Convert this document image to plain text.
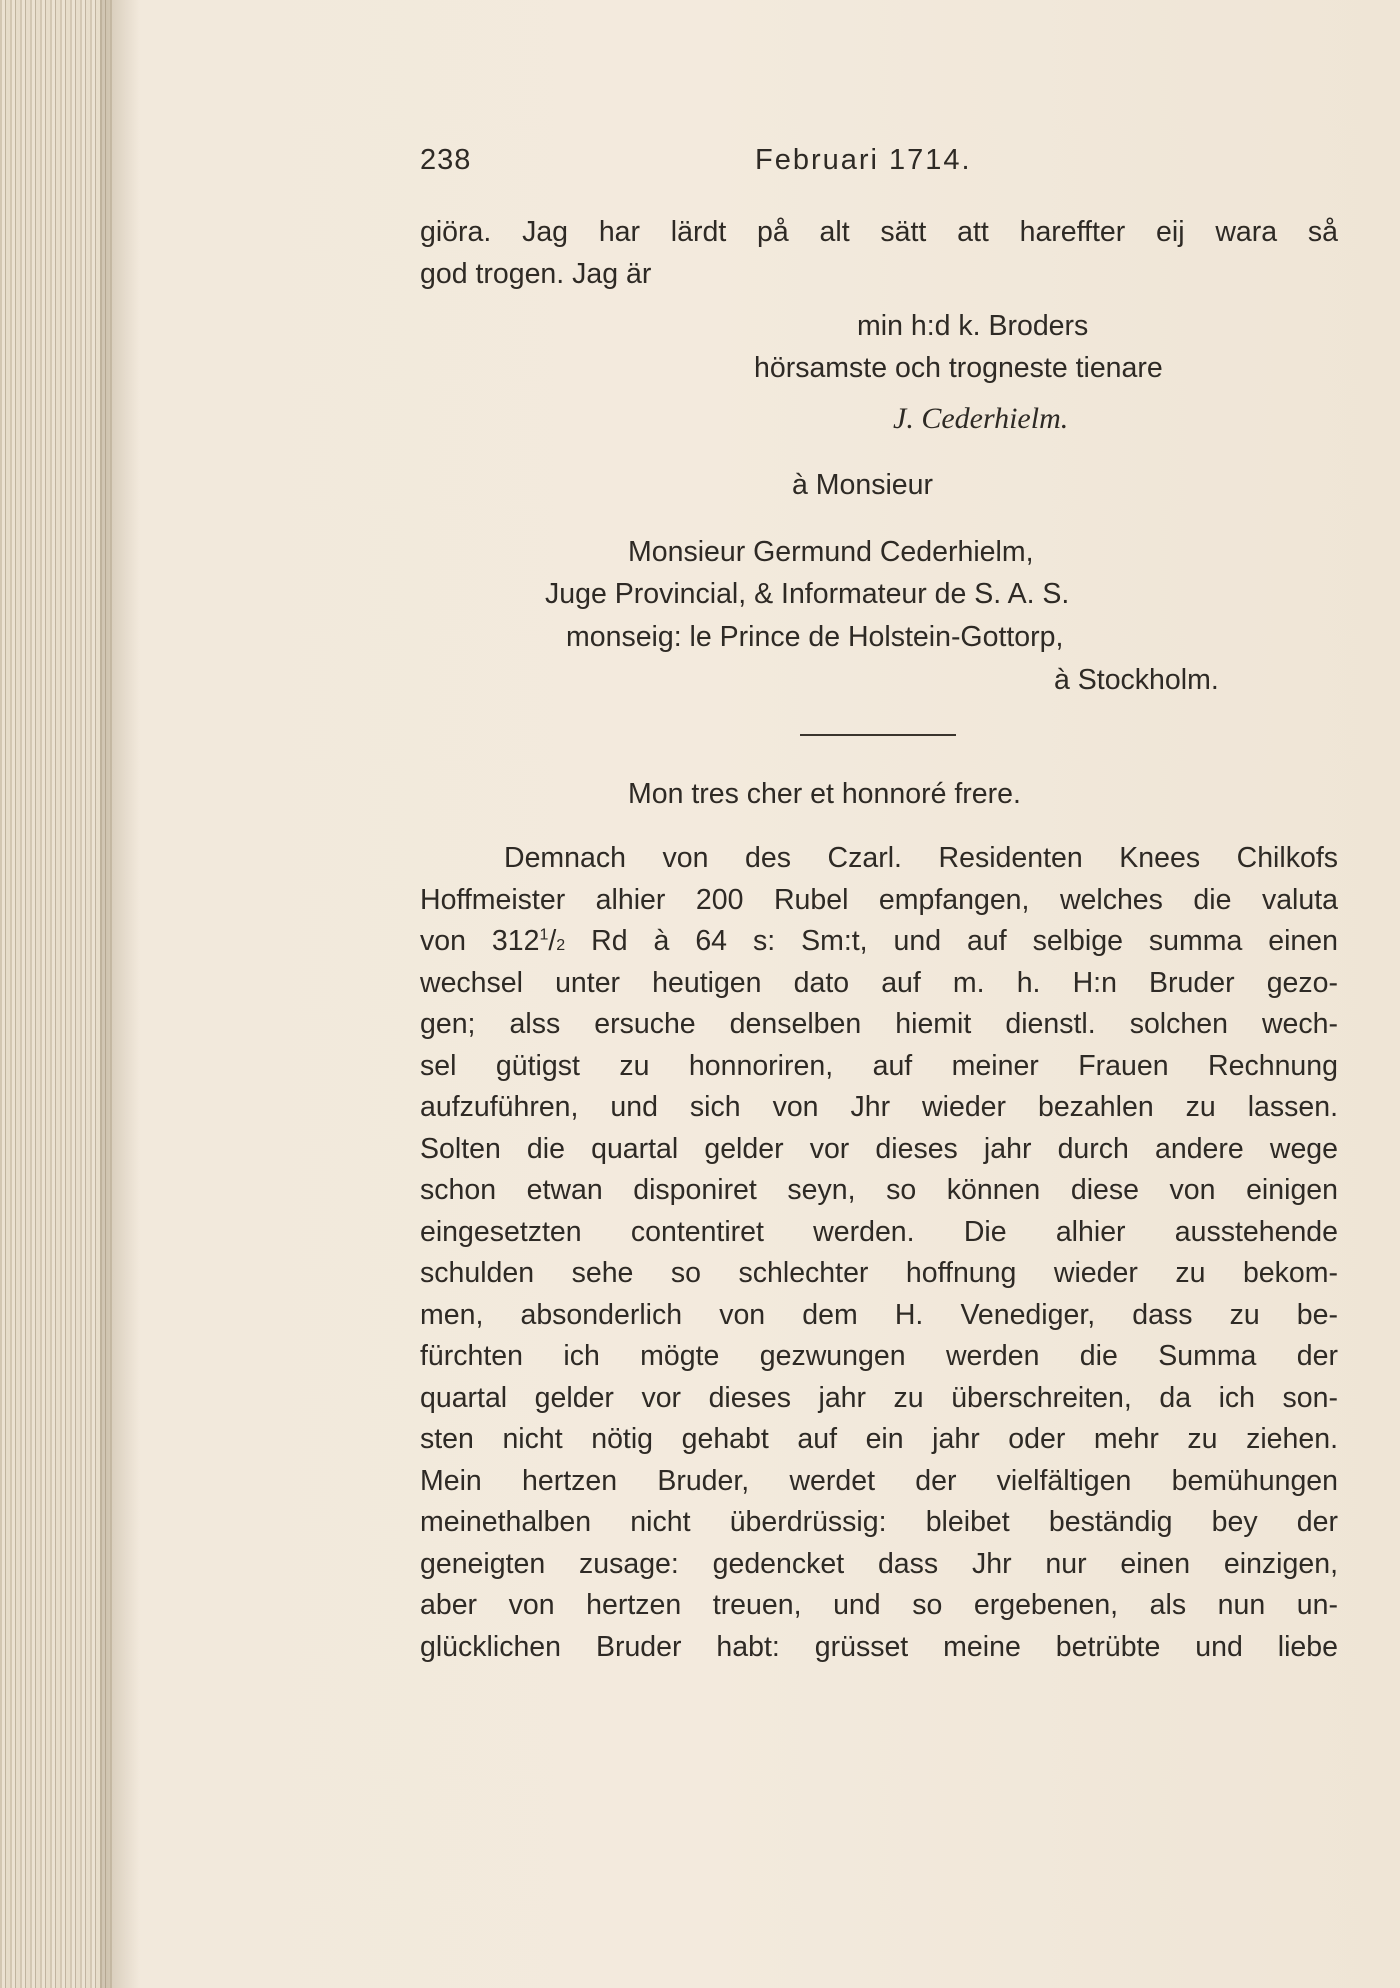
238	Februari 1714.
giöra. Jag har lärdt på alt sätt att hareffter eij wara så
god trogen. Jag är
min h:d k. Broders
hörsamste och trogneste tienare
J. Cederhielm.
à Monsieur
Monsieur Germund Cederhielm,
Juge Provincial, & Informateur de S. A. S.
monseig: le Prince de Holstein-Gottorp,
à Stockholm.
Mon tres cher et honnoré frere.
Demnach von des Czarl. Residenten Knees Chilkofs
Hoffmeister alhier 200 Rubel empfangen, welches die valuta
von $312^1/2$ Rd à 64 s: Sm:t, und auf selbige summa einen
wechsel unter heutigen dato auf m. h. H:n Bruder gezo-
gen; alss ersuche denselben hiemit dienstl. solchen wech-
sel gütigst zu honnoriren, auf meiner Frauen Rechnung
aufzuführen, und sich von Jhr wieder bezahlen zu lassen.
Solten die quartal gelder vor dieses jahr durch andere wege
schon etwan disponiret seyn, so können diese von einigen
eingesetzten contentiret werden. Die alhier ausstehende
schulden sehe so schlechter hoffnung wieder zu bekom-
men, absonderlich von dem H. Venediger, dass zu be-
fürchten ich mögte gezwungen werden die Summa der
quartal gelder vor dieses jahr zu überschreiten, da ich son-
sten nicht nötig gehabt auf ein jahr oder mehr zu ziehen.
Mein hertzen Bruder, werdet der vielfältigen bemühungen
meinethalben nicht überdrüssig: bleibet beständig bey der
geneigten zusage: gedencket dass Jhr nur einen einzigen,
aber von hertzen treuen, und so ergebenen, als nun un-
glücklichen Bruder habt: grüsset meine betrübte und liebe
